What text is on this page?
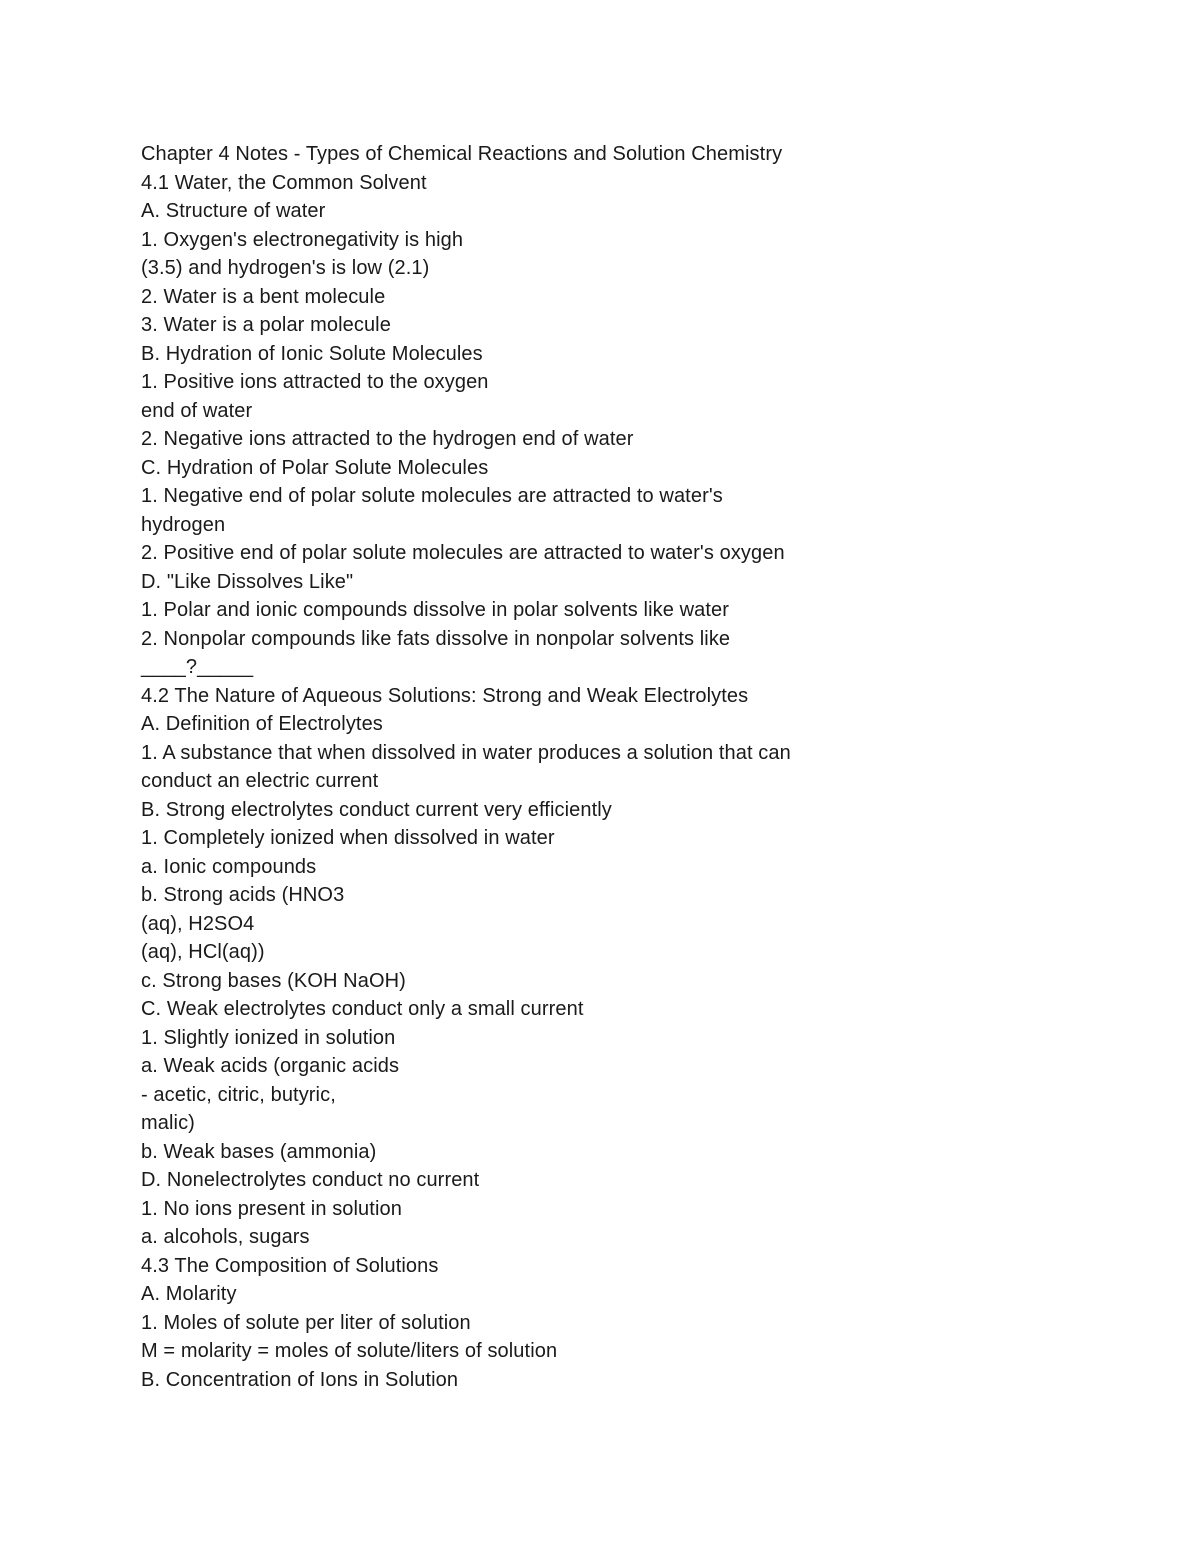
Chapter 4 Notes - Types of Chemical Reactions and Solution Chemistry
4.1 Water, the Common Solvent
A. Structure of water
1. Oxygen's electronegativity is high
(3.5) and hydrogen's is low (2.1)
2. Water is a bent molecule
3. Water is a polar molecule
B. Hydration of Ionic Solute Molecules
1. Positive ions attracted to the oxygen
end of water
2. Negative ions attracted to the hydrogen end of water
C. Hydration of Polar Solute Molecules
1. Negative end of polar solute molecules are attracted to water's
hydrogen
2. Positive end of polar solute molecules are attracted to water's oxygen
D. "Like Dissolves Like"
1. Polar and ionic compounds dissolve in polar solvents like water
2. Nonpolar compounds like fats dissolve in nonpolar solvents like
____?_____
4.2 The Nature of Aqueous Solutions: Strong and Weak Electrolytes
A. Definition of Electrolytes
1. A substance that when dissolved in water produces a solution that can
conduct an electric current
B. Strong electrolytes conduct current very efficiently
1. Completely ionized when dissolved in water
a. Ionic compounds
b. Strong acids (HNO3
(aq), H2SO4
(aq), HCl(aq))
c. Strong bases (KOH NaOH)
C. Weak electrolytes conduct only a small current
1. Slightly ionized in solution
a. Weak acids (organic acids
- acetic, citric, butyric,
malic)
b. Weak bases (ammonia)
D. Nonelectrolytes conduct no current
1. No ions present in solution
a. alcohols, sugars
4.3 The Composition of Solutions
A. Molarity
1. Moles of solute per liter of solution
M = molarity = moles of solute/liters of solution
B. Concentration of Ions in Solution
